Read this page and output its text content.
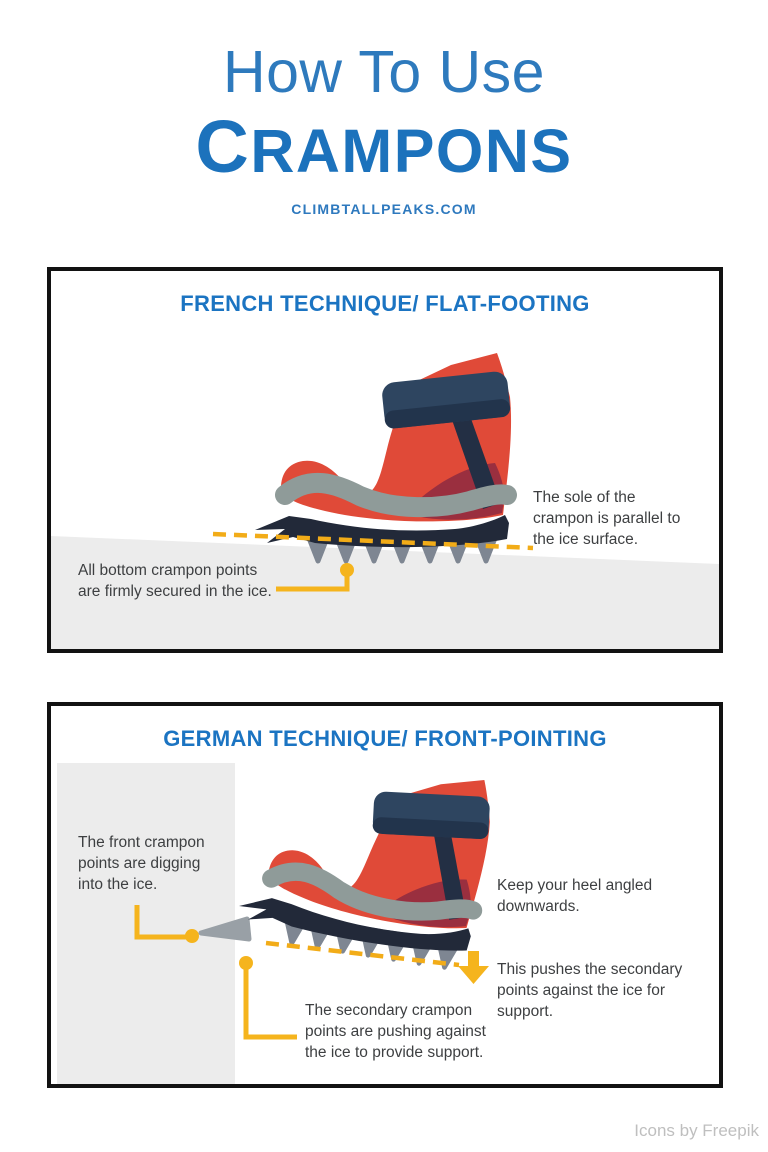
How To Use
CRAMPONS
CLIMBTALLPEAKS.COM
FRENCH TECHNIQUE/ FLAT-FOOTING
All bottom crampon points
are firmly secured in the ice.
The sole of the
crampon is parallel to
the ice surface.
GERMAN TECHNIQUE/ FRONT-POINTING
The front crampon
points are digging
into the ice.	Keep your heel angled
downwards.

This pushes the secondary
points against the ice for
support.

The secondary crampon
points are pushing against
the ice to provide support.
Icons by Freepik
